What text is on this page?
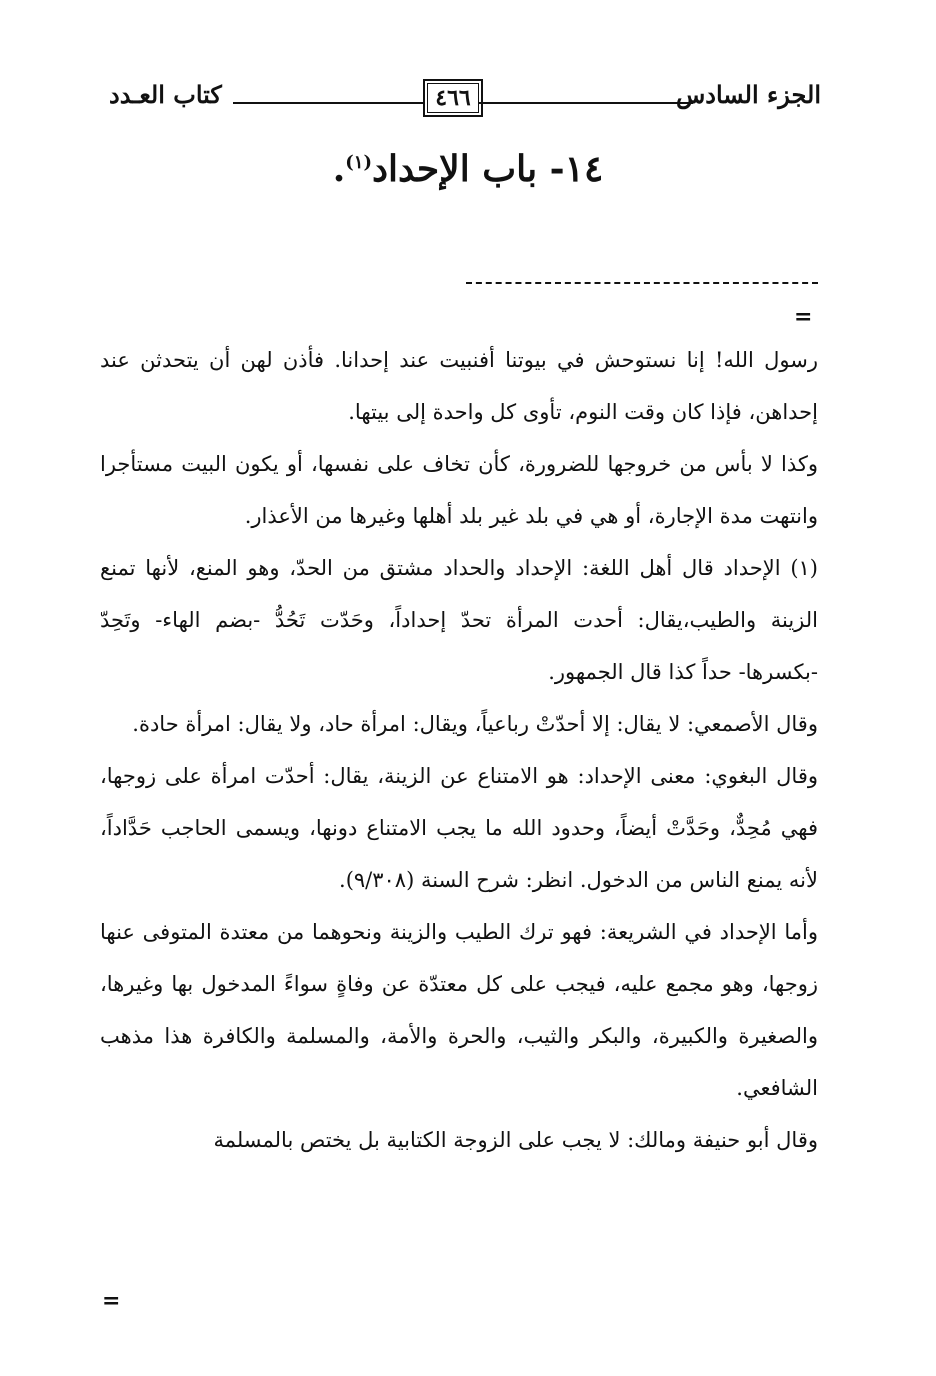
كتاب العـدد	٤٦٦	الجزء السادس
١٤- باب الإحداد$^{(١)}$.
=

رسول الله! إنا نستوحش في بيوتنا أفنبيت عند إحدانا. فأذن لهن أن يتحدثن عند إحداهن، فإذا كان وقت النوم، تأوى كل واحدة إلى بيتها.

وكذا لا بأس من خروجها للضرورة، كأن تخاف على نفسها، أو يكون البيت مستأجرا وانتهت مدة الإجارة، أو هي في بلد غير بلد أهلها وغيرها من الأعذار.

(١) الإحداد قال أهل اللغة: الإحداد والحداد مشتق من الحدّ، وهو المنع، لأنها تمنع الزينة والطيب،يقال: أحدت المرأة تحدّ إحداداً، وحَدّت تَحُدُّ -بضم الهاء- وتَحِدّ -بكسرها- حداً كذا قال الجمهور.

وقال الأصمعي: لا يقال: إلا أحدّتْ رباعياً، ويقال: امرأة حاد، ولا يقال: امرأة حادة.

وقال البغوي: معنى الإحداد: هو الامتناع عن الزينة، يقال: أحدّت امرأة على زوجها، فهي مُحِدٌّ، وحَدَّتْ أيضاً، وحدود الله ما يجب الامتناع دونها، ويسمى الحاجب حَدَّاداً، لأنه يمنع الناس من الدخول. انظر: شرح السنة (٩/٣٠٨).

وأما الإحداد في الشريعة: فهو ترك الطيب والزينة ونحوهما من معتدة المتوفى عنها زوجها، وهو مجمع عليه، فيجب على كل معتدّة عن وفاةٍ سواءً المدخول بها وغيرها، والصغيرة والكبيرة، والبكر والثيب، والحرة والأمة، والمسلمة والكافرة هذا مذهب الشافعي.

وقال أبو حنيفة ومالك: لا يجب على الزوجة الكتابية بل يختص بالمسلمة

=
